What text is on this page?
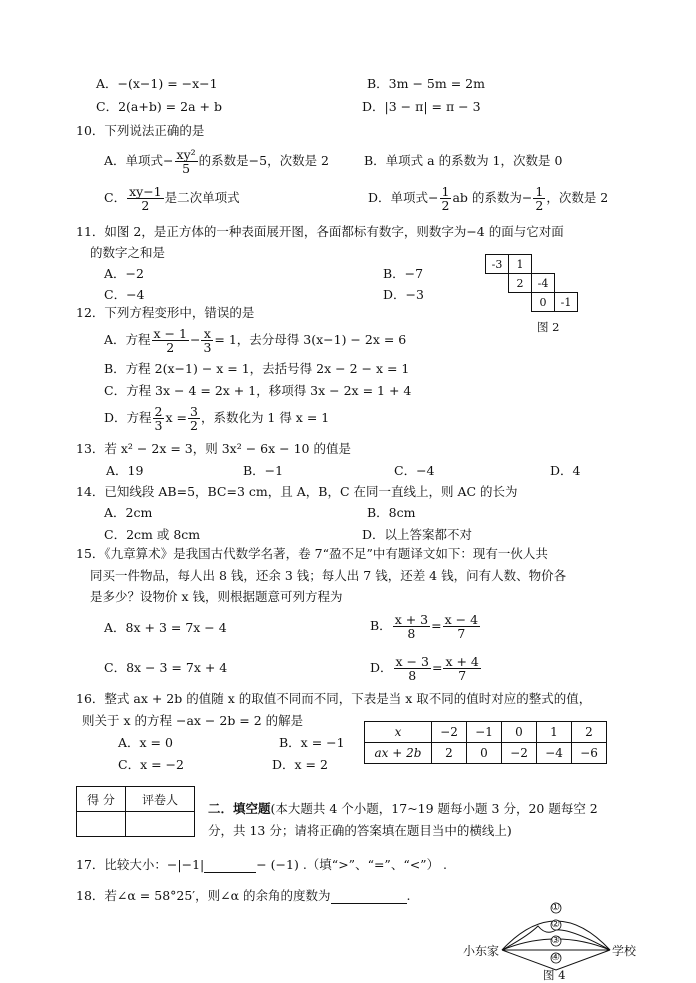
A．−(x−1) = −x−1	B．3m − 5m = 2m
C．2(a+b) = 2a + b	D．|3 − π| = π − 3
10．下列说法正确的是
A．单项式− $\frac{\text{xy²}}{5}$ 的系数是−5，次数是 2	B．单项式 a 的系数为 1，次数是 0
C． $\frac{xy-1}{2}$ 是二次单项式	D．单项式− $\frac{1}{2}$ ab 的系数为− $\frac{1}{2}$ ，次数是 2
11．如图 2，是正方体的一种表面展开图，各面都标有数字，则数字为−4 的面与它对面
的数字之和是
A．−2	B．−7
C．−4	D．−3
-3	1		
	2	-4	
		0	-1
图 2
12．下列方程变形中，错误的是
A．方程 $\frac{x - 1}{2} - \frac{x}{3} = 1$，去分母得 3(x−1) − 2x = 6
B．方程 2(x−1) − x = 1，去括号得 2x − 2 − x = 1
C．方程 3x − 4 = 2x + 1，移项得 3x − 2x = 1 + 4
D．方程 $\frac{2}{3}$ $x = \frac{3}{2}$ ，系数化为 1 得 x = 1
13．若 x² − 2x = 3，则 3x² − 6x − 10 的值是
A．19	B．−1	C．−4	D．4
14．已知线段 AB=5，BC=3 cm，且 A，B，C 在同一直线上，则 AC 的长为
A．2cm	B．8cm
C．2cm 或 8cm	D．以上答案都不对
15．《九章算术》是我国古代数学名著，卷 7“盈不足”中有题译文如下：现有一伙人共
同买一件物品，每人出 8 钱，还余 3 钱；每人出 7 钱，还差 4 钱，问有人数、物价各
是多少？设物价 x 钱，则根据题意可列方程为
A．8x + 3 = 7x − 4	B． $\frac{x + 3}{8} = \frac{x - 4}{7}$
C．8x − 3 = 7x + 4	D． $\frac{x - 3}{8} = \frac{x + 4}{7}$
16．整式 ax + 2b 的值随 x 的取值不同而不同，下表是当 x 取不同的值时对应的整式的值，
则关于 x 的方程 −ax − 2b = 2 的解是
A．x = 0	B．x = −1
C．x = −2	D．x = 2
x	−2	−1	0	1	2
ax + 2b	2	0	−2	−4	−6
得 分	评卷人

二．填空题(本大题共 4 个小题，17~19 题每小题 3 分，20 题每空 2
分，共 13 分；请将正确的答案填在题目当中的横线上)
17．比较大小：−|−1|	− (−1) .（填“>”、“=”、“<”） .
18．若∠α = 58°25′，则∠α 的余角的度数为	.
小东家	学校
①
②
③
④
图 4
